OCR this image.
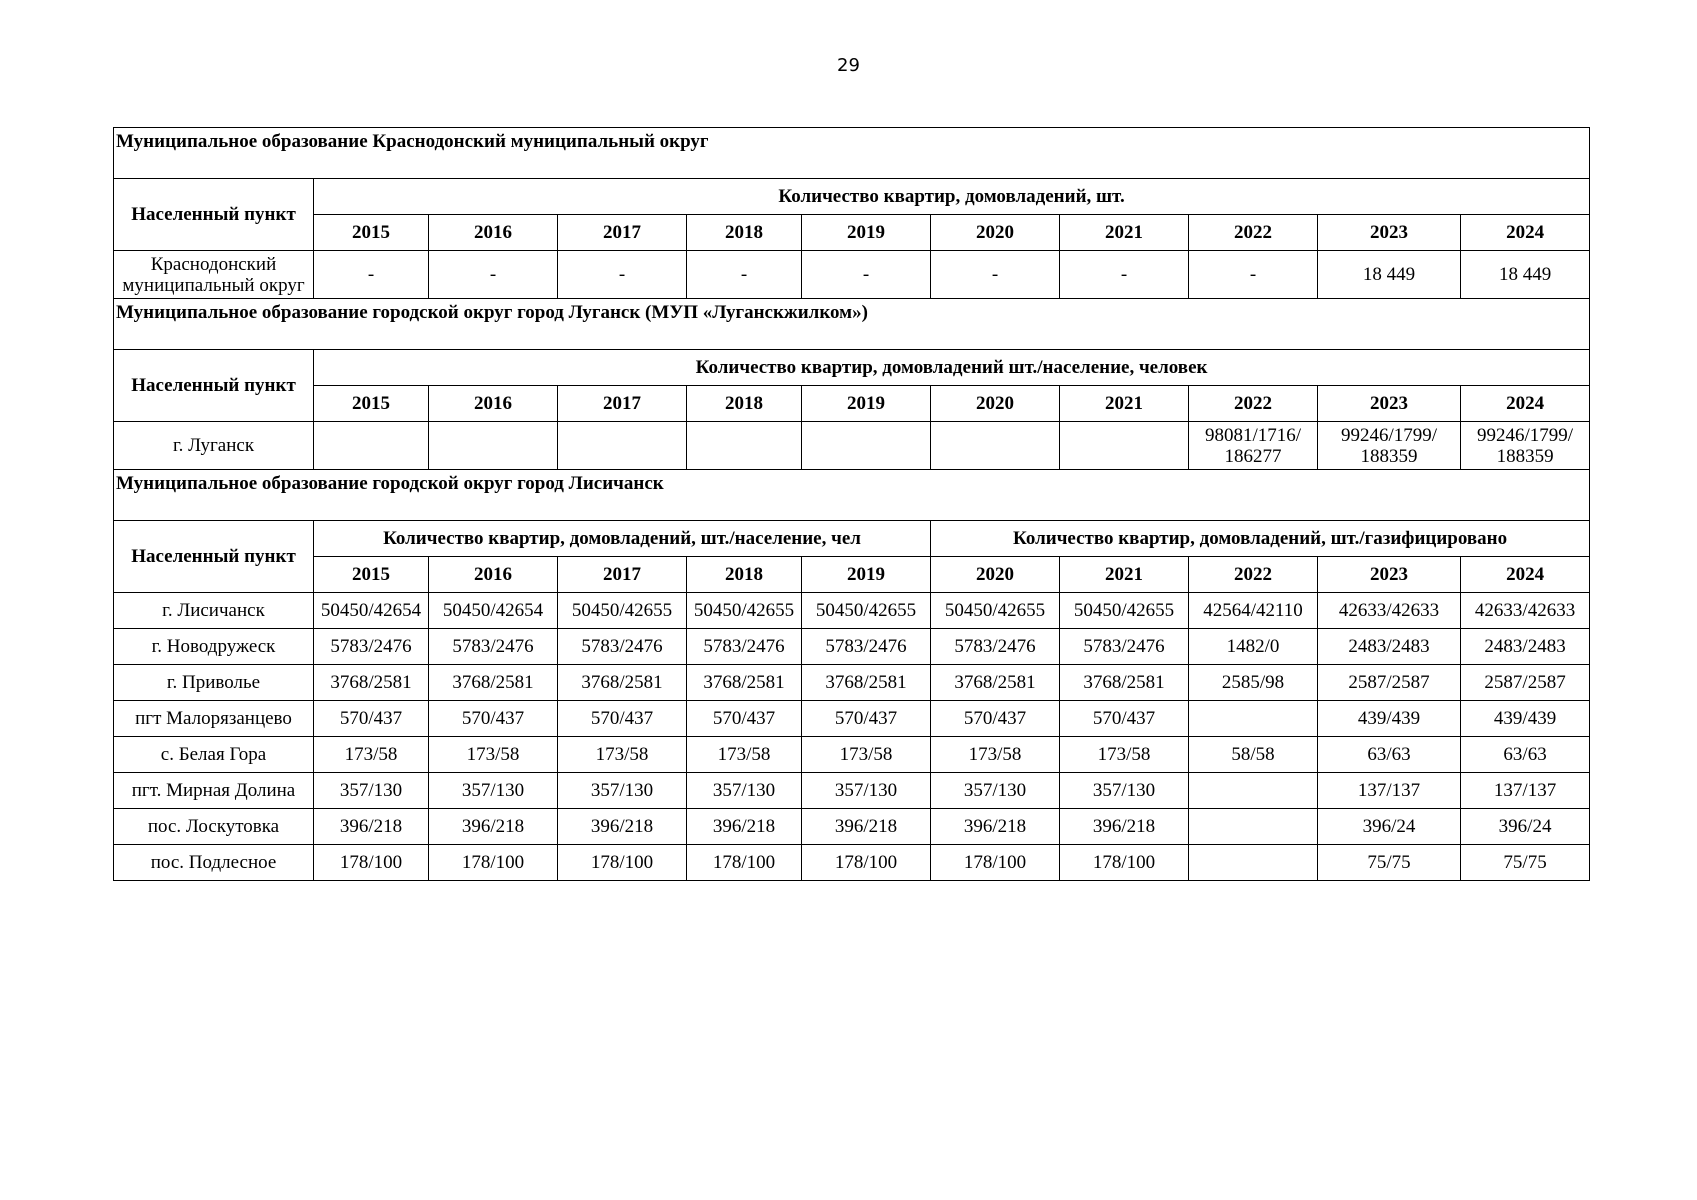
29
Муниципальное образование Краснодонский муниципальный округ										
Населенный пункт	Количество квартир, домовладений, шт.									
	2015	2016	2017	2018	2019	2020	2021	2022	2023	2024
Краснодонский муниципальный округ	-	-	-	-	-	-	-	-	18 449	18 449
Муниципальное образование городской округ город Луганск (МУП «Луганскжилком»)										
Населенный пункт	Количество квартир, домовладений шт./население, человек									
	2015	2016	2017	2018	2019	2020	2021	2022	2023	2024
г. Луганск								98081/1716/ 186277	99246/1799/ 188359	99246/1799/ 188359
Муниципальное образование городской округ город Лисичанск										
Населенный пункт	Количество квартир, домовладений, шт./население, чел					Количество квартир, домовладений, шт./газифицировано				
	2015	2016	2017	2018	2019	2020	2021	2022	2023	2024
г. Лисичанск	50450/42654	50450/42654	50450/42655	50450/42655	50450/42655	50450/42655	50450/42655	42564/42110	42633/42633	42633/42633
г. Новодружеск	5783/2476	5783/2476	5783/2476	5783/2476	5783/2476	5783/2476	5783/2476	1482/0	2483/2483	2483/2483
г. Приволье	3768/2581	3768/2581	3768/2581	3768/2581	3768/2581	3768/2581	3768/2581	2585/98	2587/2587	2587/2587
пгт Малорязанцево	570/437	570/437	570/437	570/437	570/437	570/437	570/437		439/439	439/439
с. Белая Гора	173/58	173/58	173/58	173/58	173/58	173/58	173/58	58/58	63/63	63/63
пгт. Мирная Долина	357/130	357/130	357/130	357/130	357/130	357/130	357/130		137/137	137/137
пос. Лоскутовка	396/218	396/218	396/218	396/218	396/218	396/218	396/218		396/24	396/24
пос. Подлесное	178/100	178/100	178/100	178/100	178/100	178/100	178/100		75/75	75/75
